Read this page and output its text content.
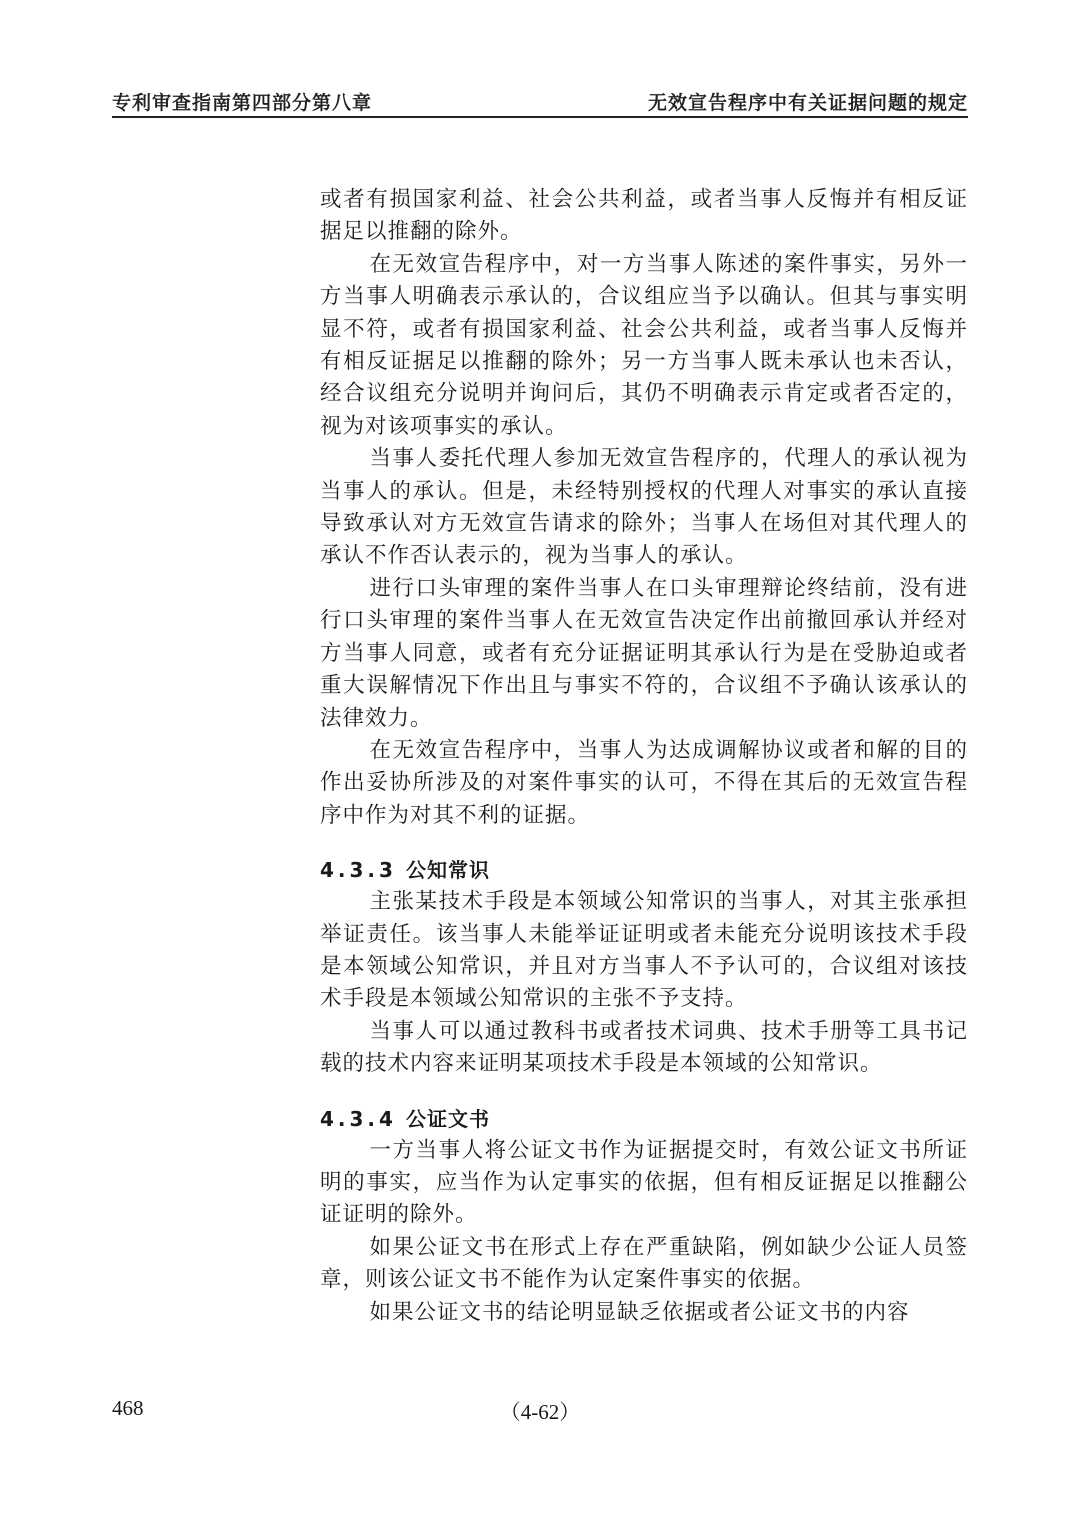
专利审查指南第四部分第八章	无效宣告程序中有关证据问题的规定

或者有损国家利益、社会公共利益，或者当事人反悔并有相反证据足以推翻的除外。

在无效宣告程序中，对一方当事人陈述的案件事实，另外一方当事人明确表示承认的，合议组应当予以确认。但其与事实明显不符，或者有损国家利益、社会公共利益，或者当事人反悔并有相反证据足以推翻的除外；另一方当事人既未承认也未否认，经合议组充分说明并询问后，其仍不明确表示肯定或者否定的，视为对该项事实的承认。

当事人委托代理人参加无效宣告程序的，代理人的承认视为当事人的承认。但是，未经特别授权的代理人对事实的承认直接导致承认对方无效宣告请求的除外；当事人在场但对其代理人的承认不作否认表示的，视为当事人的承认。

进行口头审理的案件当事人在口头审理辩论终结前，没有进行口头审理的案件当事人在无效宣告决定作出前撤回承认并经对方当事人同意，或者有充分证据证明其承认行为是在受胁迫或者重大误解情况下作出且与事实不符的，合议组不予确认该承认的法律效力。

在无效宣告程序中，当事人为达成调解协议或者和解的目的作出妥协所涉及的对案件事实的认可，不得在其后的无效宣告程序中作为对其不利的证据。

4.3.3 公知常识

主张某技术手段是本领域公知常识的当事人，对其主张承担举证责任。该当事人未能举证证明或者未能充分说明该技术手段是本领域公知常识，并且对方当事人不予认可的，合议组对该技术手段是本领域公知常识的主张不予支持。

当事人可以通过教科书或者技术词典、技术手册等工具书记载的技术内容来证明某项技术手段是本领域的公知常识。

4.3.4 公证文书

一方当事人将公证文书作为证据提交时，有效公证文书所证明的事实，应当作为认定事实的依据，但有相反证据足以推翻公证证明的除外。

如果公证文书在形式上存在严重缺陷，例如缺少公证人员签章，则该公证文书不能作为认定案件事实的依据。

如果公证文书的结论明显缺乏依据或者公证文书的内容

468	（4-62）
